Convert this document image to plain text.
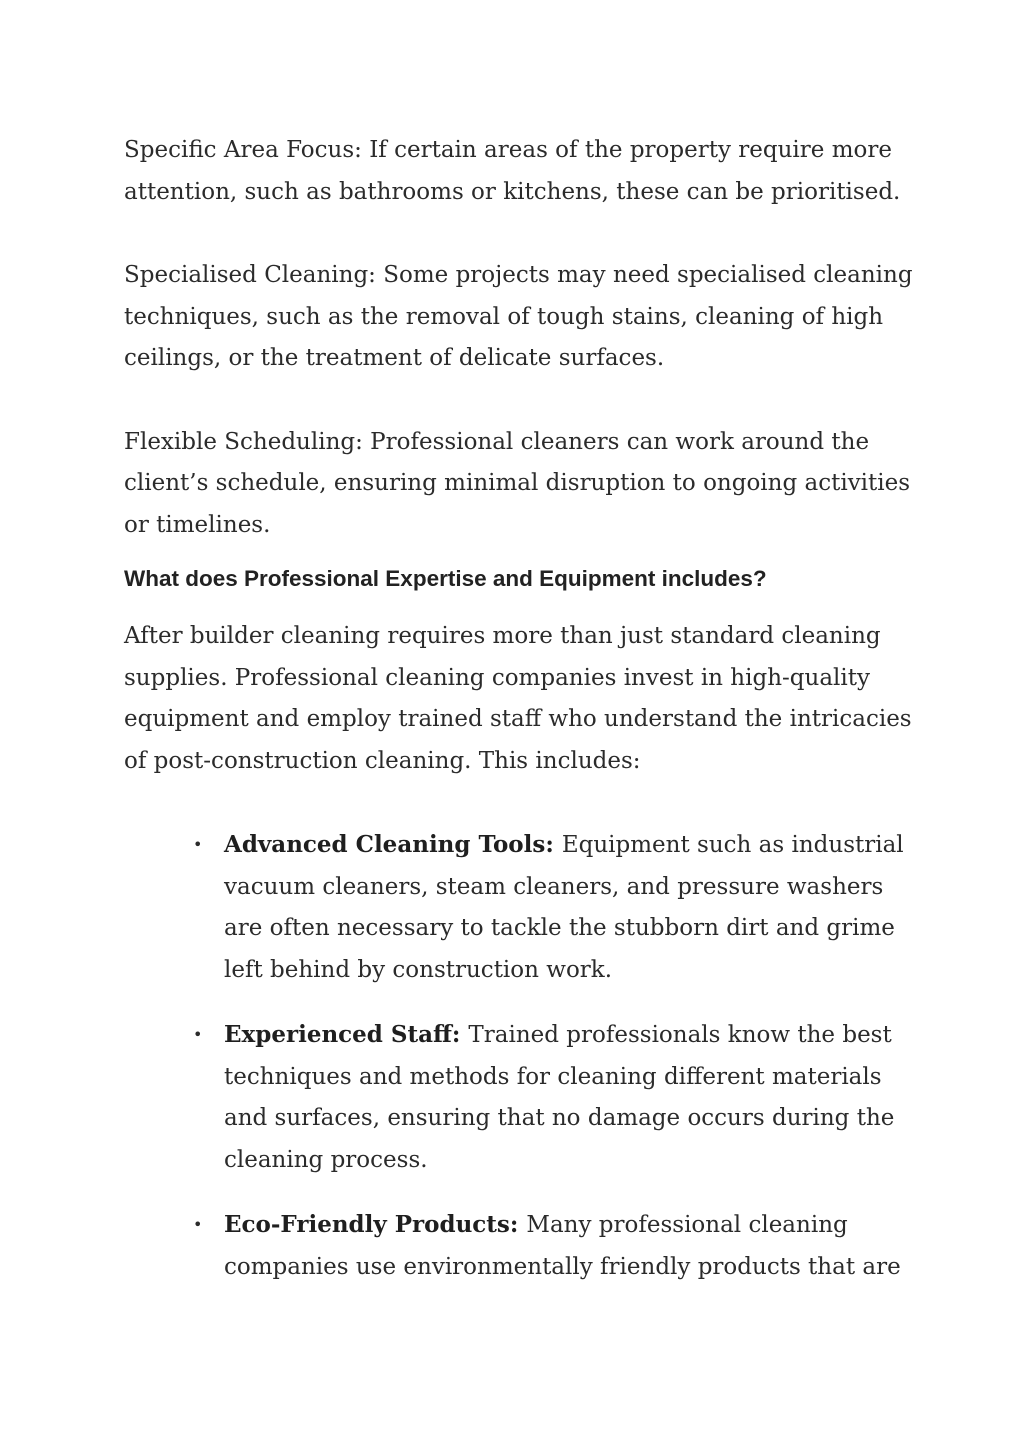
Specific Area Focus: If certain areas of the property require more attention, such as bathrooms or kitchens, these can be prioritised.

Specialised Cleaning: Some projects may need specialised cleaning techniques, such as the removal of tough stains, cleaning of high ceilings, or the treatment of delicate surfaces.

Flexible Scheduling: Professional cleaners can work around the client’s schedule, ensuring minimal disruption to ongoing activities or timelines.

What does Professional Expertise and Equipment includes?

After builder cleaning requires more than just standard cleaning supplies. Professional cleaning companies invest in high-quality equipment and employ trained staff who understand the intricacies of post-construction cleaning. This includes:

• Advanced Cleaning Tools: Equipment such as industrial vacuum cleaners, steam cleaners, and pressure washers are often necessary to tackle the stubborn dirt and grime left behind by construction work.
• Experienced Staff: Trained professionals know the best techniques and methods for cleaning different materials and surfaces, ensuring that no damage occurs during the cleaning process.
• Eco-Friendly Products: Many professional cleaning companies use environmentally friendly products that are
